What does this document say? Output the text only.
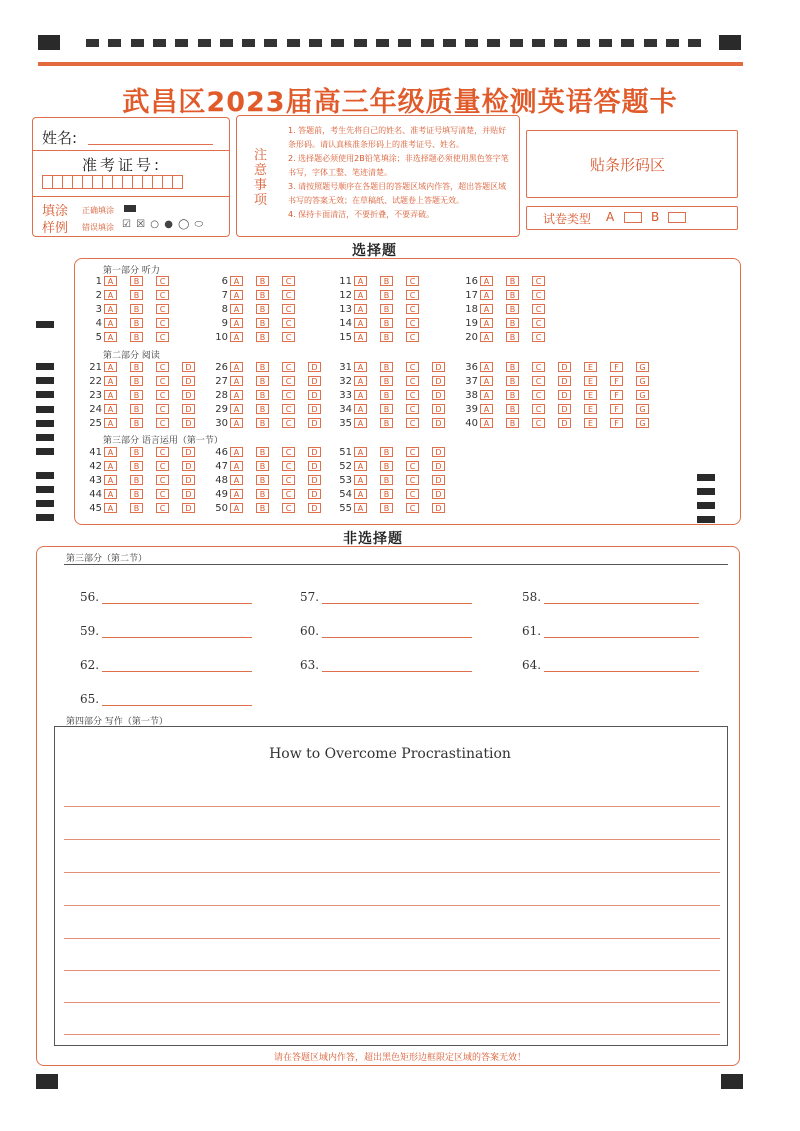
武昌区2023届高三年级质量检测英语答题卡
姓名:
准考证号:
填涂样例
正确填涂
错误填涂 ☑ ☒ ○ ● ◯ ⬭
注意事项
1. 答题前，考生先将自己的姓名、准考证号填写清楚，并贴好条形码。请认真核准条形码上的准考证号、姓名。
2. 选择题必须使用2B铅笔填涂；非选择题必须使用黑色签字笔书写，字体工整、笔迹清楚。
3. 请按照题号顺序在各题目的答题区域内作答，超出答题区域书写的答案无效；在草稿纸、试题卷上答题无效。
4. 保持卡面清洁，不要折叠，不要弄破。
贴条形码区
试卷类型 A	B
选择题
第一部分 听力
第二部分 阅读
第三部分 语言运用（第一节）
1 A	B	C
2 A	B	C
3 A	B	C
4 A	B	C
5 A	B	C
6 A	B	C
7 A	B	C
8 A	B	C
9 A	B	C
10 A	B	C
11 A	B	C
12 A	B	C
13 A	B	C
14 A	B	C
15 A	B	C
16 A	B	C
17 A	B	C
18 A	B	C
19 A	B	C
20 A	B	C
21 A	B	C	D
22 A	B	C	D
23 A	B	C	D
24 A	B	C	D
25 A	B	C	D
26 A	B	C	D
27 A	B	C	D
28 A	B	C	D
29 A	B	C	D
30 A	B	C	D
31 A	B	C	D
32 A	B	C	D
33 A	B	C	D
34 A	B	C	D
35 A	B	C	D
36 A	B	C	D	E	F	G
37 A	B	C	D	E	F	G
38 A	B	C	D	E	F	G
39 A	B	C	D	E	F	G
40 A	B	C	D	E	F	G
41 A	B	C	D
42 A	B	C	D
43 A	B	C	D
44 A	B	C	D
45 A	B	C	D
46 A	B	C	D
47 A	B	C	D
48 A	B	C	D
49 A	B	C	D
50 A	B	C	D
51 A	B	C	D
52 A	B	C	D
53 A	B	C	D
54 A	B	C	D
55 A	B	C	D
非选择题
第三部分（第二节）
56.	57.	58.
59.	60.	61.
62.	63.	64.
65.
第四部分 写作（第一节）
How to Overcome Procrastination
请在答题区域内作答，超出黑色矩形边框限定区域的答案无效！
